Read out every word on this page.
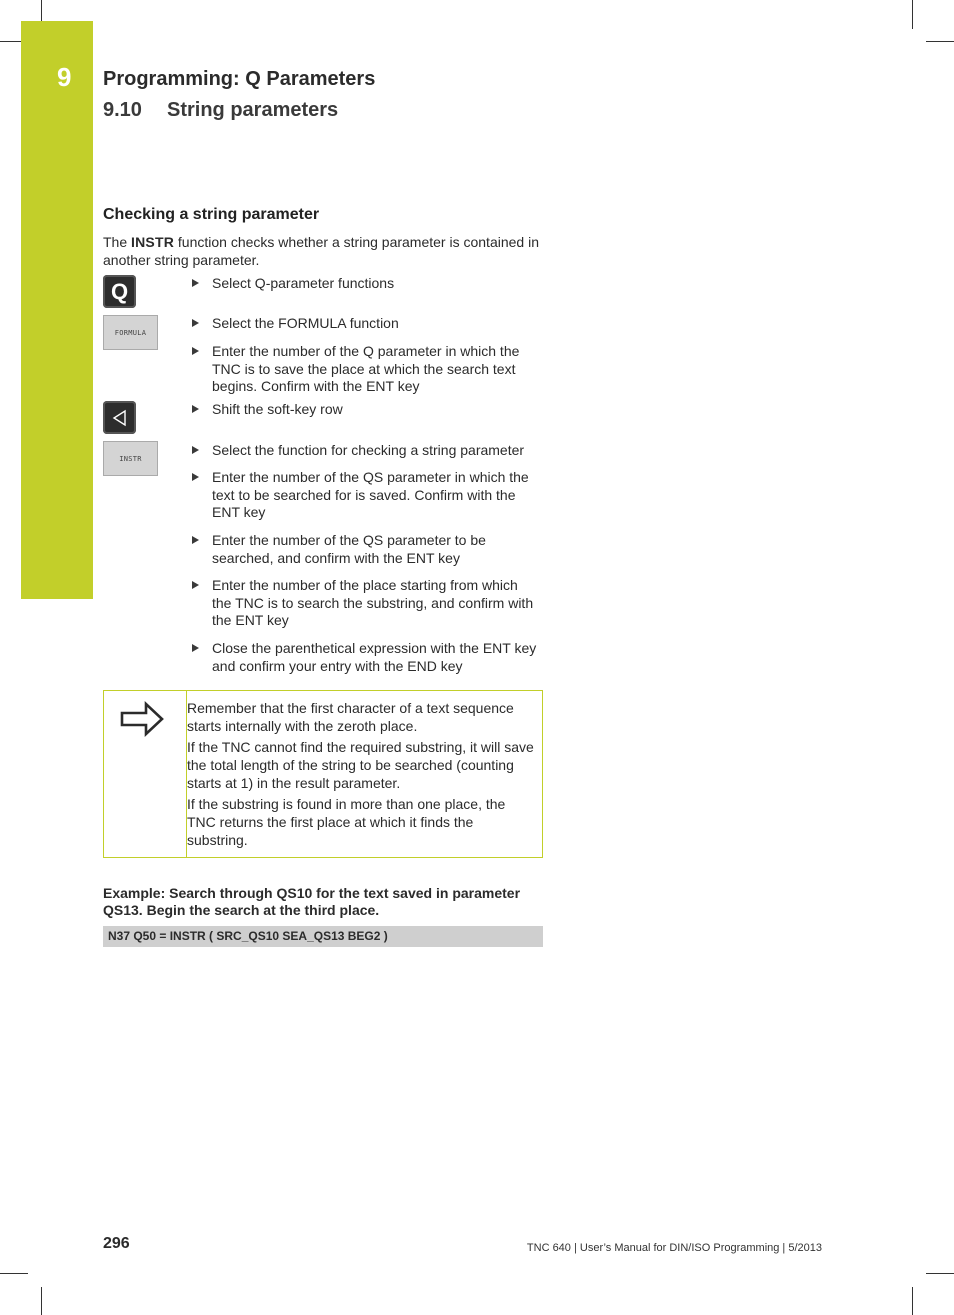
9 Programming: Q Parameters
9.10 String parameters
Checking a string parameter

The INSTR function checks whether a string parameter is contained in another string parameter.

Q
FORMULA
INSTR
Select Q-parameter functions
Select the FORMULA function
Enter the number of the Q parameter in which the TNC is to save the place at which the search text begins. Confirm with the ENT key
Shift the soft-key row
Select the function for checking a string parameter
Enter the number of the QS parameter in which the text to be searched for is saved. Confirm with the ENT key
Enter the number of the QS parameter to be searched, and confirm with the ENT key
Enter the number of the place starting from which the TNC is to search the substring, and confirm with the ENT key
Close the parenthetical expression with the ENT key and confirm your entry with the END key

Remember that the first character of a text sequence starts internally with the zeroth place.

If the TNC cannot find the required substring, it will save the total length of the string to be searched (counting starts at 1) in the result parameter.

If the substring is found in more than one place, the TNC returns the first place at which it finds the substring.

Example: Search through QS10 for the text saved in parameter QS13. Begin the search at the third place.

N37 Q50 = INSTR ( SRC_QS10 SEA_QS13 BEG2 )
296	TNC 640 | User’s Manual for DIN/ISO Programming | 5/2013
